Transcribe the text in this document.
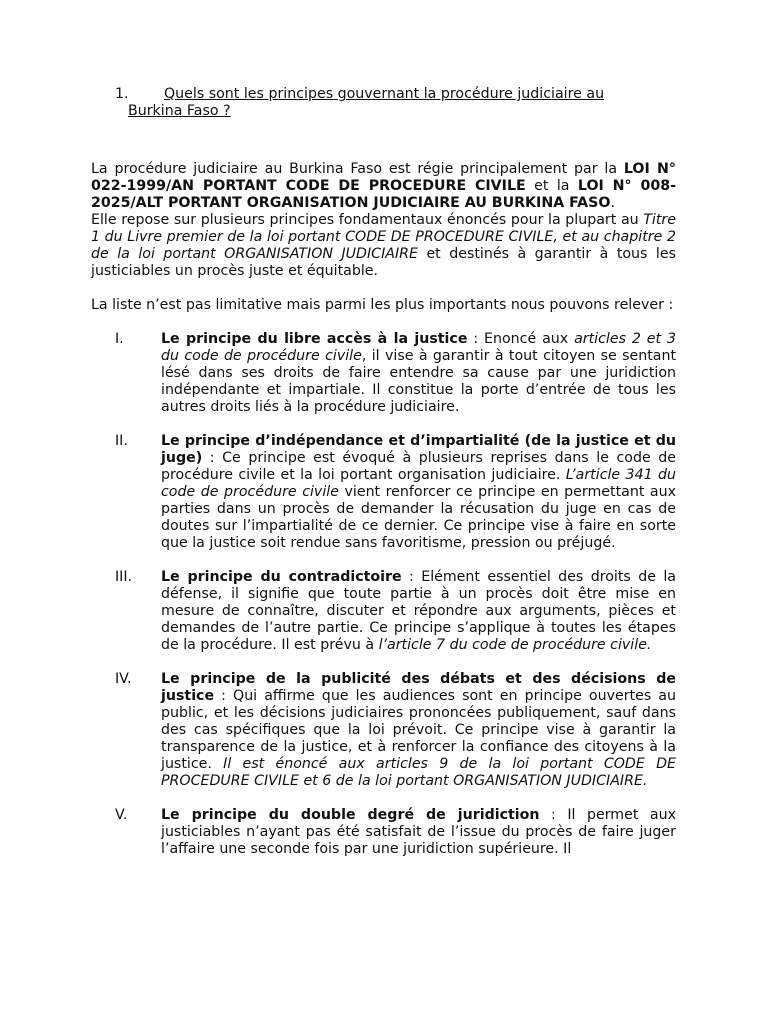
1.	Quels sont les principes gouvernant la procédure judiciaire au
Burkina Faso ?

La procédure judiciaire au Burkina Faso est régie principalement par la LOI N° 022-1999/AN PORTANT CODE DE PROCEDURE CIVILE et la LOI N° 008-2025/ALT PORTANT ORGANISATION JUDICIAIRE AU BURKINA FASO.

Elle repose sur plusieurs principes fondamentaux énoncés pour la plupart au Titre 1 du Livre premier de la loi portant CODE DE PROCEDURE CIVILE, et au chapitre 2 de la loi portant ORGANISATION JUDICIAIRE et destinés à garantir à tous les justiciables un procès juste et équitable.

La liste n’est pas limitative mais parmi les plus importants nous pouvons relever :

I.	Le principe du libre accès à la justice : Enoncé aux articles 2 et 3 du code de procédure civile, il vise à garantir à tout citoyen se sentant lésé dans ses droits de faire entendre sa cause par une juridiction indépendante et impartiale. Il constitue la porte d’entrée de tous les autres droits liés à la procédure judiciaire.
II.	Le principe d’indépendance et d’impartialité (de la justice et du juge) : Ce principe est évoqué à plusieurs reprises dans le code de procédure civile et la loi portant organisation judiciaire. L’article 341 du code de procédure civile vient renforcer ce principe en permettant aux parties dans un procès de demander la récusation du juge en cas de doutes sur l’impartialité de ce dernier. Ce principe vise à faire en sorte que la justice soit rendue sans favoritisme, pression ou préjugé.
III.	Le principe du contradictoire : Elément essentiel des droits de la défense, il signifie que toute partie à un procès doit être mise en mesure de connaître, discuter et répondre aux arguments, pièces et demandes de l’autre partie. Ce principe s’applique à toutes les étapes de la procédure. Il est prévu à l’article 7 du code de procédure civile.
IV.	Le principe de la publicité des débats et des décisions de justice : Qui affirme que les audiences sont en principe ouvertes au public, et les décisions judiciaires prononcées publiquement, sauf dans des cas spécifiques que la loi prévoit. Ce principe vise à garantir la transparence de la justice, et à renforcer la confiance des citoyens à la justice. Il est énoncé aux articles 9 de la loi portant CODE DE PROCEDURE CIVILE et 6 de la loi portant ORGANISATION JUDICIAIRE.
V.	Le principe du double degré de juridiction : Il permet aux justiciables n’ayant pas été satisfait de l’issue du procès de faire juger l’affaire une seconde fois par une juridiction supérieure. Il
